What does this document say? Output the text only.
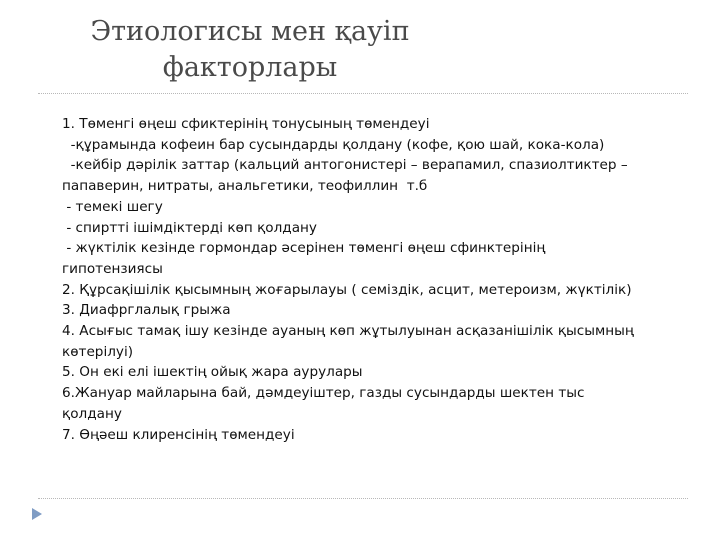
Этиологисы мен қауіп
факторлары
1. Төменгі өңеш сфиктерінің тонусының төмендеуі
-құрамында кофеин бар сусындарды қолдану (кофе, қою шай, кока-кола)
-кейбір дәрілік заттар (кальций антогонистері – верапамил, спазиолтиктер –
папаверин, нитраты, анальгетики, теофиллин  т.б
- темекі шегу
- спиртті ішімдіктерді көп қолдану
- жүктілік кезінде гормондар әсерінен төменгі өңеш сфинктерінің
гипотензиясы
2. Құрсақішілік қысымның жоғарылауы ( семіздік, асцит, метероизм, жүктілік)
3. Диафрглалық грыжа
4. Асығыс тамақ ішу кезінде ауаның көп жұтылуынан асқазанішілік қысымның
көтерілуі)
5. Он екі елі ішектің ойық жара аурулары
6.Жануар майларына бай, дәмдеуіштер, газды сусындарды шектен тыс
қолдану
7. Өңәеш клиренсінің төмендеуі
